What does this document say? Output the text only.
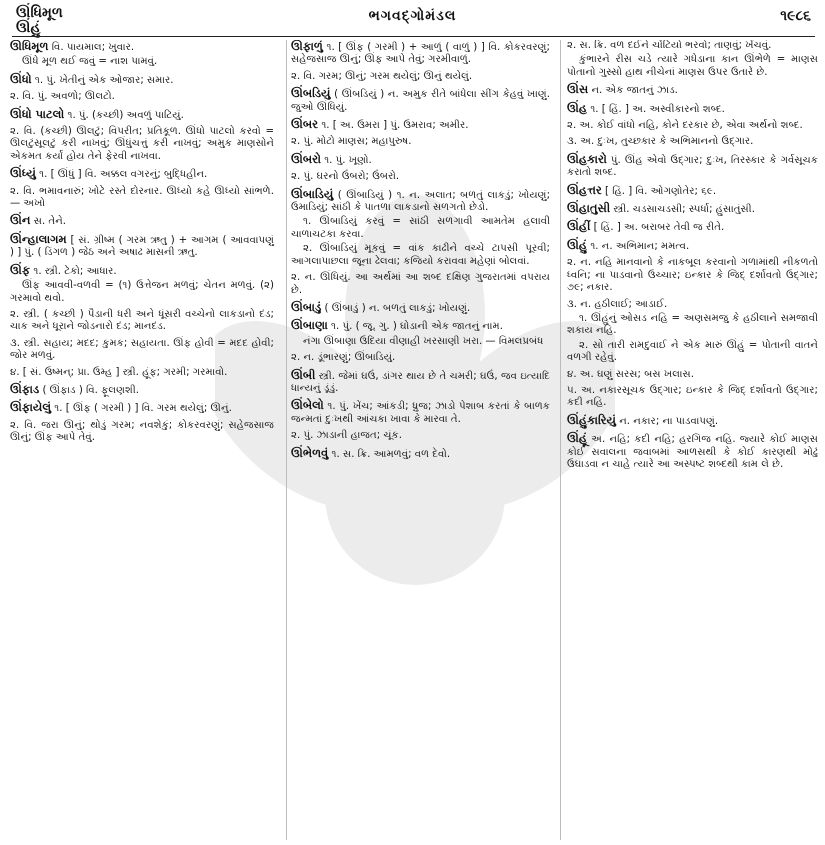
ઊંધિમૂળ
ઊંહું
ભગવદ્ગોમંડલ	૧૯૮૬

ઊંધિમૂળ વિ. પાયમાલ; ખુવાર.

ઊંધે મૂળ થઈ જવું = નાશ પામવું.

ઊંધો ૧. પું. ખેતીનું એક ઓજાર; સમાર.

૨. વિ. પું. અવળો; ઊલટો.

ઊંધો પાટલો ૧. પું. (કચ્છી) અવળું પાટિયું.

૨. વિ. (કચ્છી) ઊલટું; વિપરીત; પ્રતિકૂળ. ઊંધો પાટલો કરવો = ઊલટુંસૂલટું કરી નાખવું; ઊંધુંચત્તું કરી નાખવું; અમુક માણસોને એકમત કર્યાં હોય તેને ફેરવી નાખવા.

ઊંધ્યું ૧. [ ઊંધું ] વિ. અક્કલ વગરનું; બુદ્ધિહીન.

૨. વિ. ભમાવનારું; ખોટે રસ્તે દોરનાર. ઊધ્યો કહે ઊધ્યો સાંભળે. — અખો

ઊંન સ. તેને.

ઊંન્હાલાગમ [ સં. ગ્રીષ્મ ( ગરમ ઋતુ ) + આગમ ( આવવાપણું ) ] પું. ( ડિંગળ ) જેઠ અને અષાઢ માસની ઋતુ.

ઊંફ ૧. સ્ત્રી. ટેકો; આધાર.

ઊંફ આવવી-વળવી = (૧) ઉત્તેજન મળવું; ચેતન મળવું. (૨) ગરમાવો થવો.

૨. સ્ત્રી. ( કચ્છી ) પૈડાની ધરી અને ધૂંસરી વચ્ચેનો લાકડાનો દંડ; ચાક અને ધૂરાને જોડનારો દંડ; માનદંડ.

૩. સ્ત્રી. સહાય; મદદ; કુમક; સહાયતા. ઊંફ હોવી = મદદ હોવી; જોર મળવું.

૪. [ સં. ઉષ્મન્; પ્રા. ઉમ્હ ] સ્ત્રી. હૂંફ; ગરમી; ગરમાવો.

ઊંફાડ ( ઊંફાડ ) વિ. ફૂલણશી.

ઊંફાયેલું ૧. [ ઊંફ ( ગરમી ) ] વિ. ગરમ થયેલું; ઊનું.

૨. વિ. જરા ઊનું; થોડું ગરમ; નવશેકું; કોકરવરણું; સહેજસાજ ઊનું; ઊંફ આપે તેવું.

ઊંફાળું ૧. [ ઊંફ ( ગરમી ) + આળું ( વાળું ) ] વિ. કોકરવરણું; સહેજસાજ ઊનું; ઊંફ આપે તેવું; ગરમીવાળું.

૨. વિ. ગરમ; ઊનું; ગરમ થયેલું; ઊનું થયેલું.

ઊંબડિયું ( ઊંબડિયું ) ન. અમુક રીતે બાંધેલા સીંગ કેહવું ખાણું. જુઓ ઊંધિયું.

ઊંબર ૧. [ અ. ઉમરા ] પું. ઉમરાવ; અમીર.

૨. પું. મોટો માણસ; મહાપુરુષ.

ઊંબરો ૧. પું. ખૂણો.

૨. પું. ઘરનો ઉંબરો; ઉંબરો.

ઊંબાડિયું ( ઊંબાડિયું ) ૧. ન. અલાત; બળતું લાકડું; ખોયણું; ઉમાડિયું; સાંઠી કે પાતળા લાકડાનો સળગતો છેડો.

૧. ઊંબાડિયું કરવું = સાંઠી સળગાવી આમતેમ હલાવી ચાળાચટકા કરવા.

૨. ઊંબાડિયું મૂકવું = વાંક કાઢીને વચ્ચે ટાપસી પૂરવી; આગલાપાછલા જૂના ઢેલવા; કજિયો કરાવવા મહેણાં બોલવાં.

૨. ન. ઊંધિયું. આ અર્થમાં આ શબ્દ દક્ષિણ ગુજરાતમાં વપરાય છે.

ઊંબાડું ( ઊંબાડું ) ન. બળતું લાકડું; ખોયણું.

ઊંબાણા ૧. પું. ( જૂ. ગુ. ) ઘોડાની એક જાતનું નામ.

નંગા ઊંબાણા ઉદિયા વીણાહી ખરસાણી ખરા. — વિમલપ્રબંધ

૨. ન. ડૂંભારણું; ઊંબાડિયું.

ઊંબી સ્ત્રી. જેમાં ઘઉં, ડાંગર થાય છે તે ચમરી; ઘઉં, જવ ઇત્યાદિ ધાન્યનું ડૂંડું.

ઊંબેલો ૧. પું. ખેંચ; આંકડી; ધ્રુજ; ઝાડો પેશાબ કરતાં કે બાળક જન્મતાં દુઃખથી આંચકા ખાવા કે મારવા તે.

૨. પું. ઝાડાની હાજત; ચૂંક.

ઊંભેળવું ૧. સ. ક્રિ. આમળવું; વળ દેવો.

૨. સ. ક્રિ. વળ દઈને ચોંટિયો ભરવો; તાણવું; ખેંચવું.

કુંભારને રીસ ચડે ત્યારે ગધેડાના કાન ઊંભેળે = માણસ પોતાનો ગુસ્સો હાથ નીચેનાં માણસ ઉપર ઉતારે છે.

ઊંસ ન. એક જાતનું ઝાડ.

ઊંહ ૧. [ હિં. ] અ. અસ્વીકારનો શબ્દ.

૨. અ. કોઈ વાંધો નહિ, કોને દરકાર છે, એવા અર્થનો શબ્દ.

૩. અ. દુઃખ, તુચ્છકાર કે અભિમાનનો ઉદ્ગાર.

ઊંહકારો પું. ઊંહ એવો ઉદ્ગાર; દુઃખ, તિરસ્કાર કે ગર્વસૂચક કરાતો શબ્દ.

ઊંહત્તર [ હિં. ] વિ. ઓગણોતેર; ૬૯.

ઊંહાતુસી સ્ત્રી. ચડસાચડસી; સ્પર્ધા; હુંસાતુંસી.

ઊંહીં [ હિં. ] અ. બરાબર તેવી જ રીતે.

ઊંહું ૧. ન. અભિમાન; મમત્વ.

૨. ન. નહિ માનવાનો કે નાકબૂલ કરવાનો ગળામાંથી નીકળતો ધ્વનિ; ના પાડવાનો ઉચ્ચાર; ઇન્કાર કે જિદ્ દર્શાવતો ઉદ્ગાર; ૭૯; નકાર.

૩. ન. હઠીલાઈ; આડાઈ.

૧. ઊંહુંનું ઓસડ નહિ = અણસમજુ કે હઠીલાને સમજાવી શકાય નહિ.

૨. સો તારી રામદુવાઈ ને એક મારું ઊંહું = પોતાની વાતને વળગી રહેવું.

૪. અ. ઘણું સરસ; બસ ખલાસ.

૫. અ. નકારસૂચક ઉદ્ગાર; ઇન્કાર કે જિદ્ દર્શાવતો ઉદ્ગાર; કદી નહિ.

ઊંહુંકારિયું ન. નકાર; ના પાડવાપણું.

ઊંહૂં અ. નહિ; કદી નહિ; હરગિજ નહિ. જ્યારે કોઈ માણસ કોઈ સવાલના જવાબમાં આળસથી કે કોઈ કારણથી મોઢું ઉઘાડવા ન ચાહે ત્યારે આ અસ્પષ્ટ શબ્દથી કામ લે છે.
